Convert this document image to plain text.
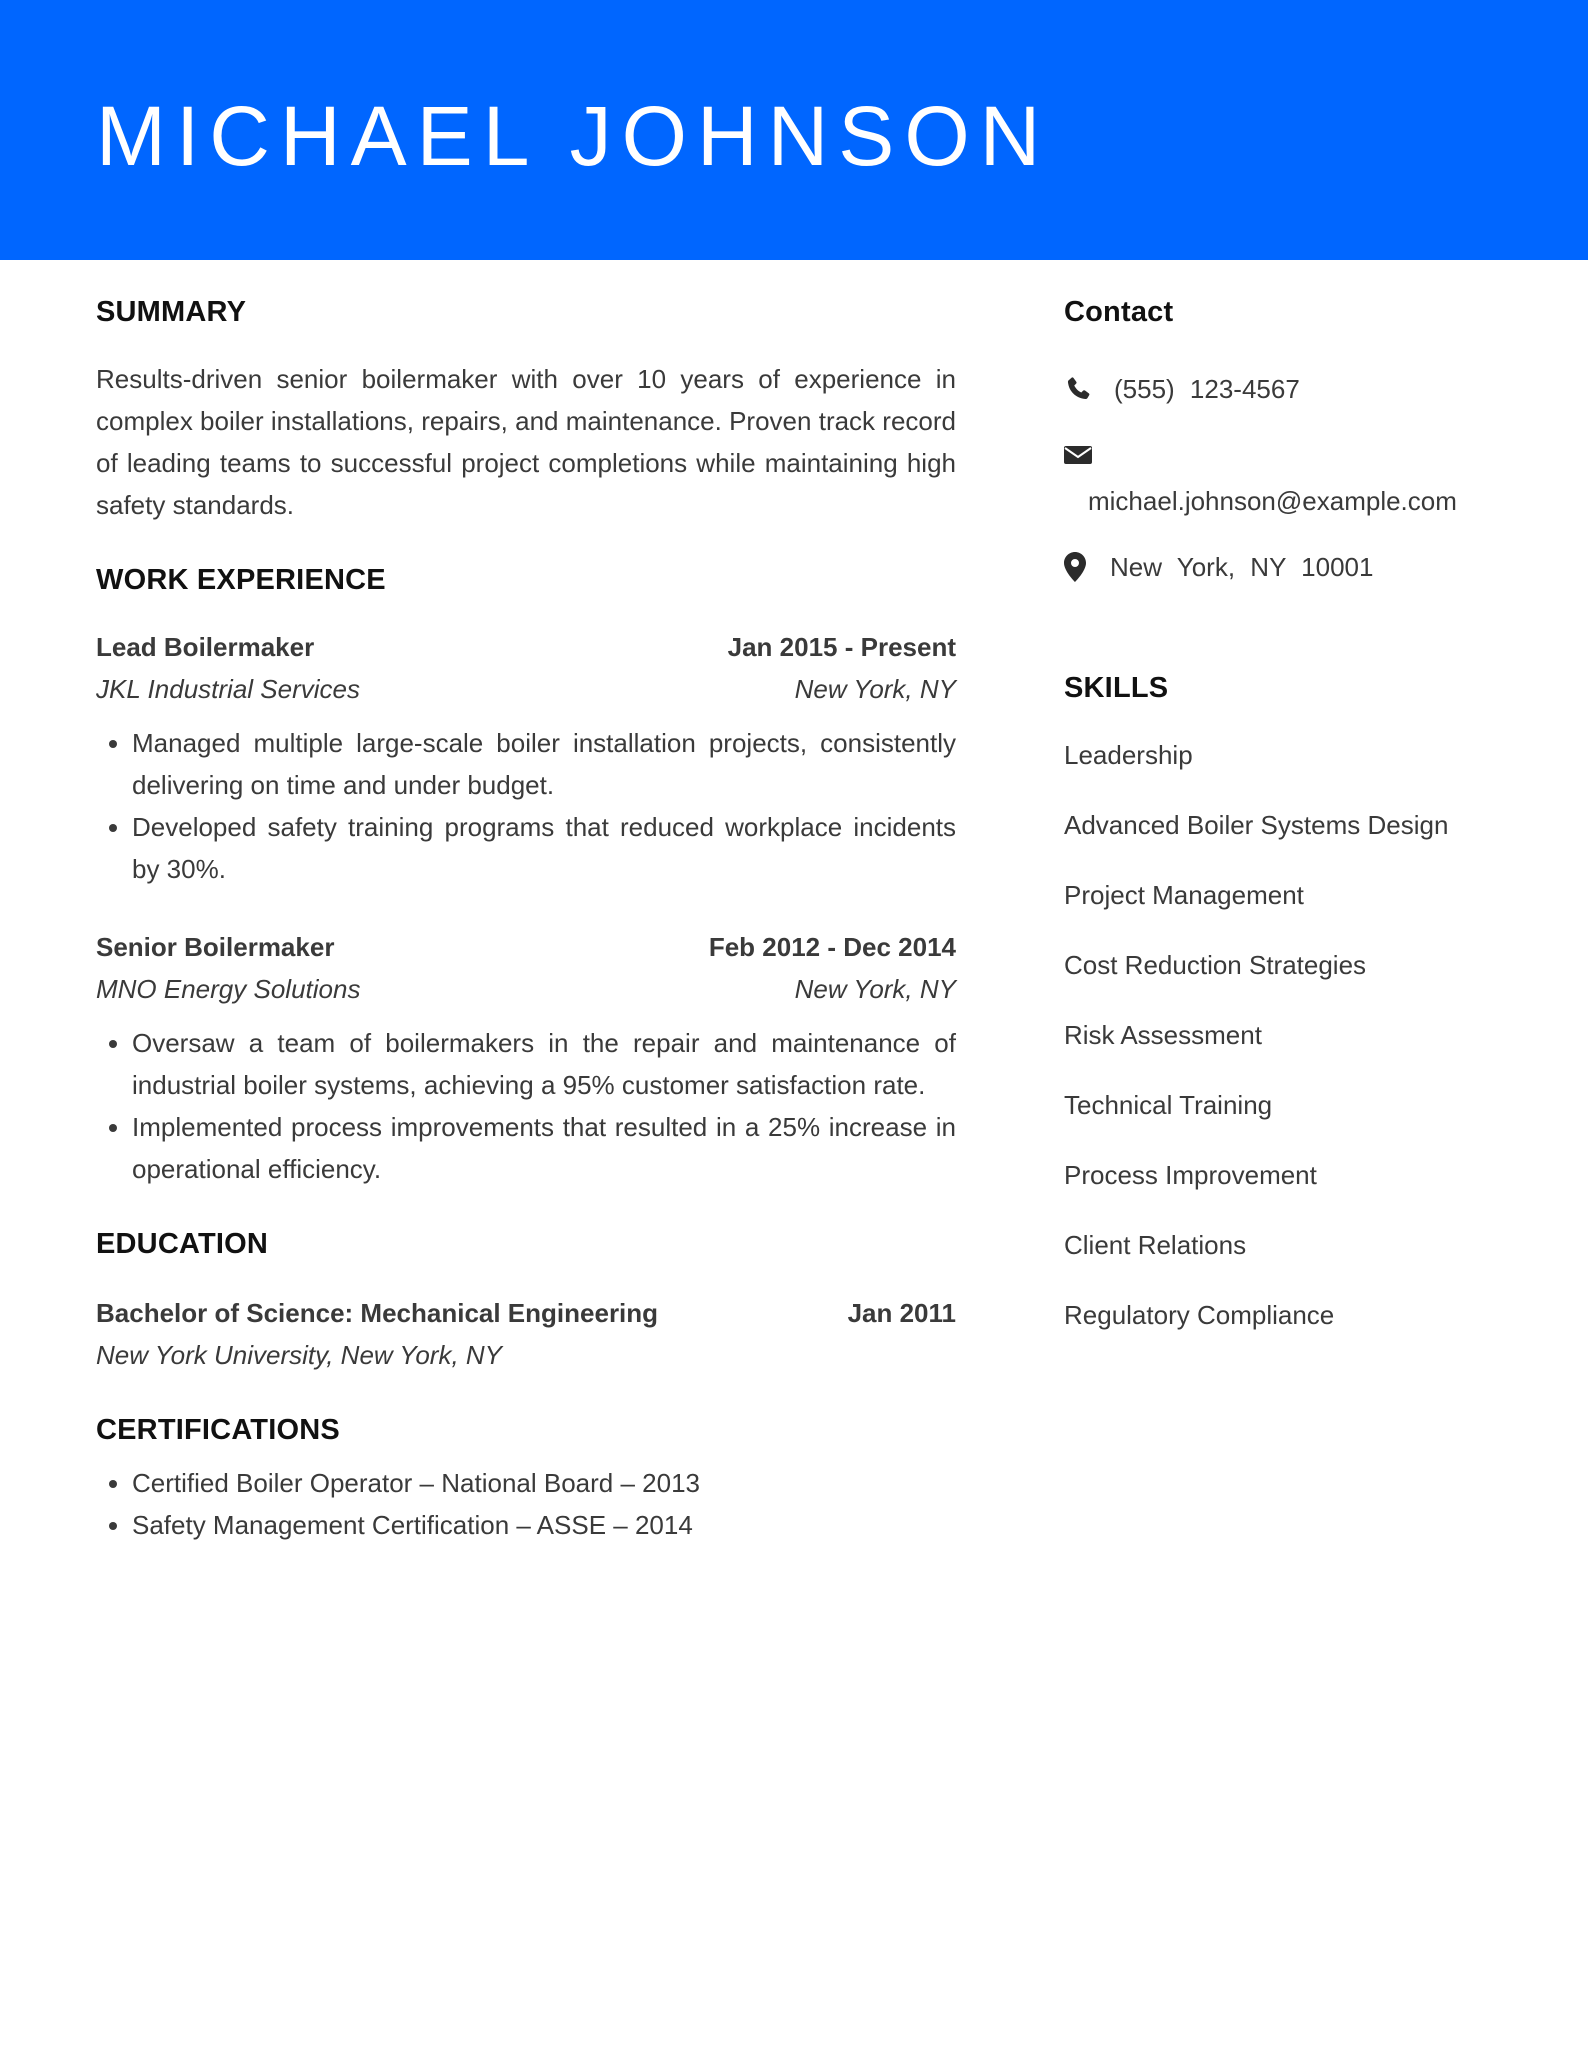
MICHAEL JOHNSON
SUMMARY

Results-driven senior boilermaker with over 10 years of experience in complex boiler installations, repairs, and maintenance. Proven track record of leading teams to successful project completions while maintaining high safety standards.

WORK EXPERIENCE
Lead Boilermaker	Jan 2015 - Present
JKL Industrial Services	New York, NY
• Managed multiple large-scale boiler installation projects, consistently delivering on time and under budget.
• Developed safety training programs that reduced workplace incidents by 30%.
Senior Boilermaker	Feb 2012 - Dec 2014
MNO Energy Solutions	New York, NY
• Oversaw a team of boilermakers in the repair and maintenance of industrial boiler systems, achieving a 95% customer satisfaction rate.
• Implemented process improvements that resulted in a 25% increase in operational efficiency.
EDUCATION
Bachelor of Science: Mechanical Engineering	Jan 2011
New York University, New York, NY
CERTIFICATIONS
• Certified Boiler Operator – National Board – 2013
• Safety Management Certification – ASSE – 2014
Contact
(555) 123-4567
michael.johnson@example.com
New York, NY 10001
SKILLS
Leadership
Advanced Boiler Systems Design
Project Management
Cost Reduction Strategies
Risk Assessment
Technical Training
Process Improvement
Client Relations
Regulatory Compliance
